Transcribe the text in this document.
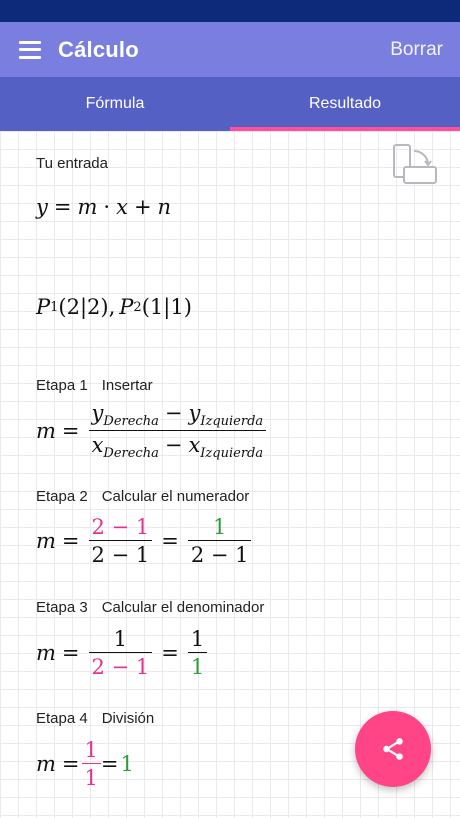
Cálculo	Borrar
Fórmula	Resultado
Tu entrada
y = m · x + n
P 1 (2|2), P 2 (1|1)
Etapa 1 Insertar
$m = \frac{y_{Derecha} - y_{Izquierda}}{x_{Derecha} - x_{Izquierda}}$
Etapa 2 Calcular el numerador
$m = \frac{2 - 1}{2 - 1} = \frac{1}{2 - 1}$
Etapa 3 Calcular el denominador
$m = \frac{1}{2 - 1} = \frac{1}{1}$
Etapa 4 División
$m = \frac{1}{1} = 1$
